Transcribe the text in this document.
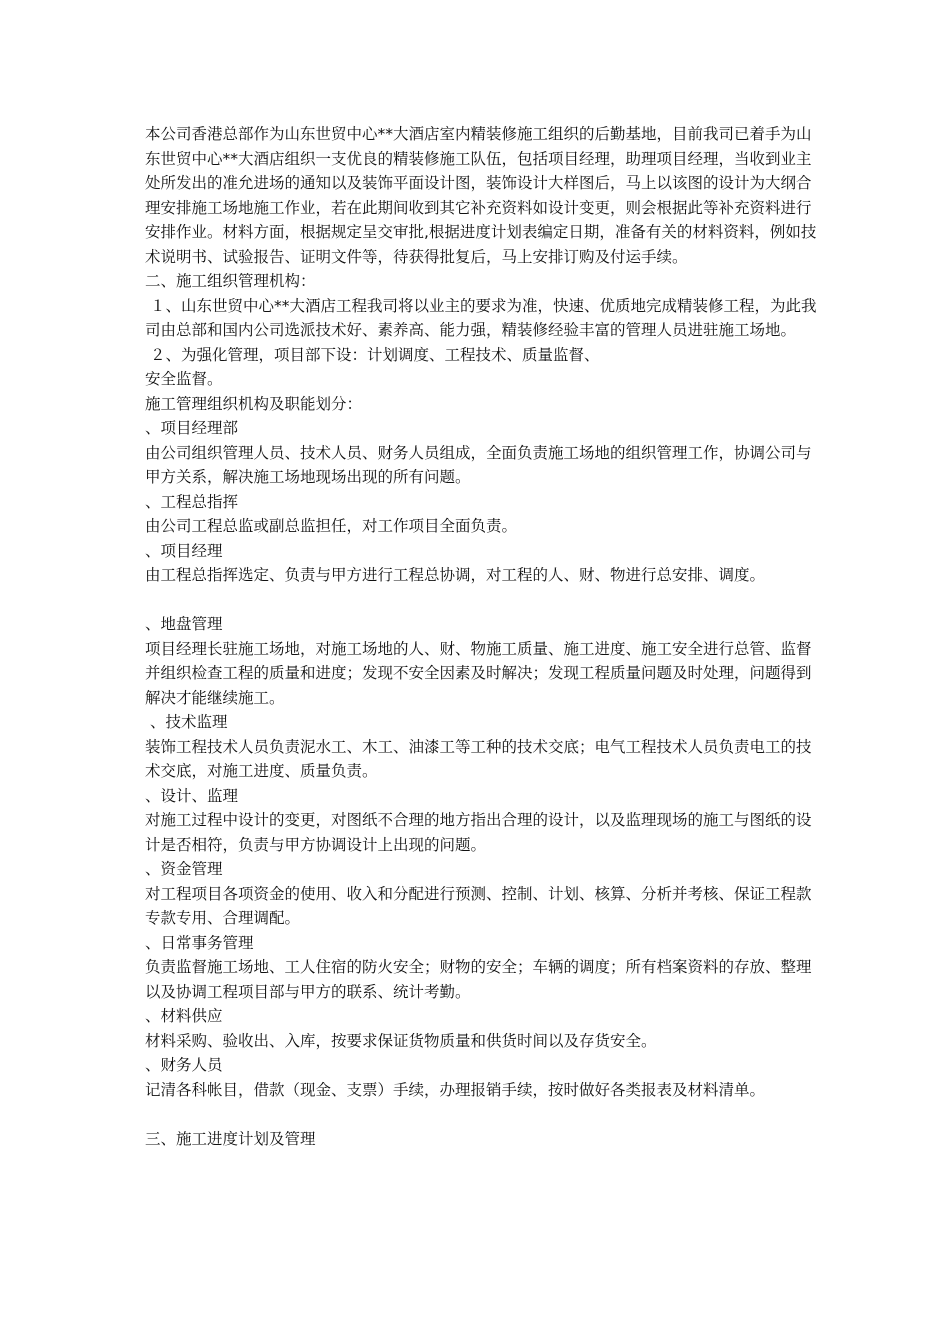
本公司香港总部作为山东世贸中心**大酒店室内精装修施工组织的后勤基地，目前我司已着手为山东世贸中心**大酒店组织一支优良的精装修施工队伍，包括项目经理，助理项目经理，当收到业主处所发出的准允进场的通知以及装饰平面设计图，装饰设计大样图后，马上以该图的设计为大纲合理安排施工场地施工作业，若在此期间收到其它补充资料如设计变更，则会根据此等补充资料进行安排作业。材料方面，根据规定呈交审批,根据进度计划表编定日期，准备有关的材料资料，例如技术说明书、试验报告、证明文件等，待获得批复后，马上安排订购及付运手续。

二、施工组织管理机构：

１、山东世贸中心**大酒店工程我司将以业主的要求为准，快速、优质地完成精装修工程，为此我司由总部和国内公司选派技术好、素养高、能力强，精装修经验丰富的管理人员进驻施工场地。

２、为强化管理，项目部下设：计划调度、工程技术、质量监督、

安全监督。

施工管理组织机构及职能划分：

、项目经理部

由公司组织管理人员、技术人员、财务人员组成，全面负责施工场地的组织管理工作，协调公司与甲方关系，解决施工场地现场出现的所有问题。

、工程总指挥

由公司工程总监或副总监担任，对工作项目全面负责。

、项目经理

由工程总指挥选定、负责与甲方进行工程总协调，对工程的人、财、物进行总安排、调度。

、地盘管理

项目经理长驻施工场地，对施工场地的人、财、物施工质量、施工进度、施工安全进行总管、监督并组织检查工程的质量和进度；发现不安全因素及时解决；发现工程质量问题及时处理，问题得到解决才能继续施工。

、技术监理

装饰工程技术人员负责泥水工、木工、油漆工等工种的技术交底；电气工程技术人员负责电工的技术交底，对施工进度、质量负责。

、设计、监理

对施工过程中设计的变更，对图纸不合理的地方指出合理的设计，以及监理现场的施工与图纸的设计是否相符，负责与甲方协调设计上出现的问题。

、资金管理

对工程项目各项资金的使用、收入和分配进行预测、控制、计划、核算、分析并考核、保证工程款专款专用、合理调配。

、日常事务管理

负责监督施工场地、工人住宿的防火安全；财物的安全；车辆的调度；所有档案资料的存放、整理以及协调工程项目部与甲方的联系、统计考勤。

、材料供应

材料采购、验收出、入库，按要求保证货物质量和供货时间以及存货安全。

、财务人员

记清各科帐目，借款（现金、支票）手续，办理报销手续，按时做好各类报表及材料清单。

三、施工进度计划及管理
